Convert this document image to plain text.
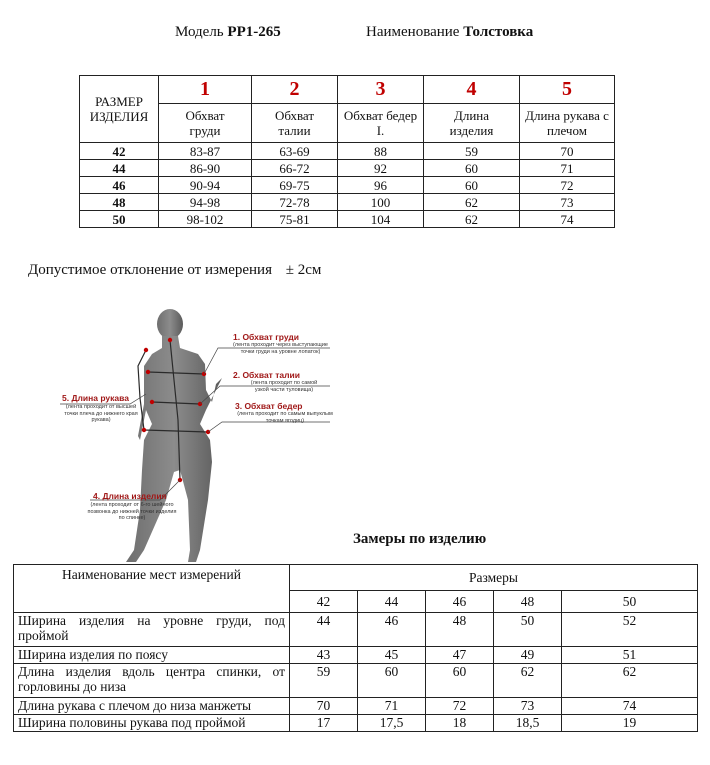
Модель PP1-265	Наименование Толстовка
РАЗМЕР ИЗДЕЛИЯ	1	2	3	4	5
	Обхват груди	Обхват талии	Обхват бедер I.	Длина изделия	Длина рукава с плечом
42	83-87	63-69	88	59	70
44	86-90	66-72	92	60	71
46	90-94	69-75	96	60	72
48	94-98	72-78	100	62	73
50	98-102	75-81	104	62	74
Допустимое отклонение от измерения ± 2см
1. Обхват груди
(лента проходит через выступающие точки груди на уровне лопаток)
2. Обхват талии
(лента проходит по самой узкой части туловища)
3. Обхват бедер
(лента проходит по самым выпуклым точкам ягодиц)
5. Длина рукава
(лента проходит от высшей точки плеча до нижнего края рукава)
4. Длина изделия
(лента проходит от 6-го шейного позвонка до нижней точки изделия по спинке)
Замеры по изделию
Наименование мест измерений	Размеры				
	42	44	46	48	50
Ширина изделия на уровне груди, под проймой	44	46	48	50	52
Ширина изделия по поясу	43	45	47	49	51
Длина изделия вдоль центра спинки, от горловины до низа	59	60	60	62	62
Длина рукава с плечом до низа манжеты	70	71	72	73	74
Ширина половины рукава под проймой	17	17,5	18	18,5	19
